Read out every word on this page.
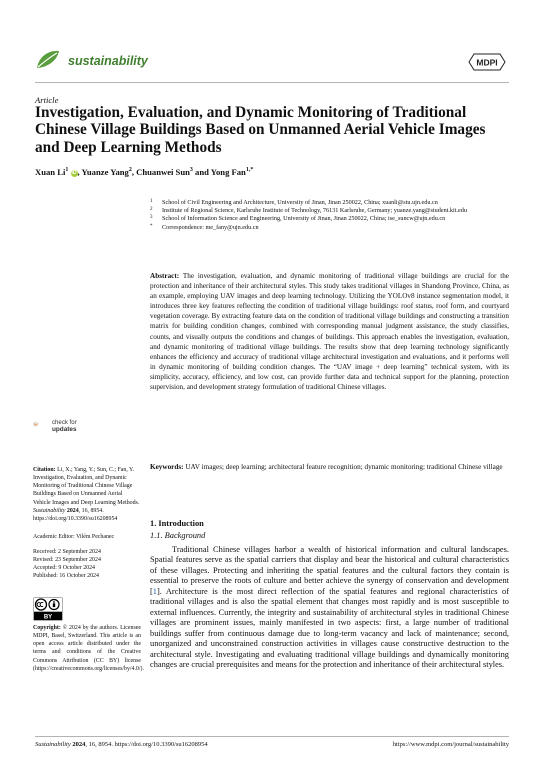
sustainability	MDPI
Article
Investigation, Evaluation, and Dynamic Monitoring of Traditional Chinese Village Buildings Based on Unmanned Aerial Vehicle Images and Deep Learning Methods
Xuan Li$^1$ iD, Yuanze Yang$^2$, Chuanwei Sun$^3$ and Yong Fan$^{1,*}$
1 School of Civil Engineering and Architecture, University of Jinan, Jinan 250022, China; xuanli@stu.ujn.edu.cn
2 Institute of Regional Science, Karlsruhe Institute of Technology, 76131 Karlsruhe, Germany; yuanze.yang@student.kit.edu
3 School of Information Science and Engineering, University of Jinan, Jinan 250022, China; ise_suncw@ujn.edu.cn
* Correspondence: me_fany@ujn.edu.cn
Abstract: The investigation, evaluation, and dynamic monitoring of traditional village buildings are crucial for the protection and inheritance of their architectural styles. This study takes traditional villages in Shandong Province, China, as an example, employing UAV images and deep learning technology. Utilizing the YOLOv8 instance segmentation model, it introduces three key features reflecting the condition of traditional village buildings: roof status, roof form, and courtyard vegetation coverage. By extracting feature data on the condition of traditional village buildings and constructing a transition matrix for building condition changes, combined with corresponding manual judgment assistance, the study classifies, counts, and visually outputs the conditions and changes of buildings. This approach enables the investigation, evaluation, and dynamic monitoring of traditional village buildings. The results show that deep learning technology significantly enhances the efficiency and accuracy of traditional village architectural investigation and evaluations, and it performs well in dynamic monitoring of building condition changes. The “UAV image + deep learning” technical system, with its simplicity, accuracy, efficiency, and low cost, can provide further data and technical support for the planning, protection supervision, and development strategy formulation of traditional Chinese villages.
Keywords: UAV images; deep learning; architectural feature recognition; dynamic monitoring; traditional Chinese village
check for
updates
Citation: Li, X.; Yang, Y.; Sun, C.; Fan, Y. Investigation, Evaluation, and Dynamic Monitoring of Traditional Chinese Village Buildings Based on Unmanned Aerial Vehicle Images and Deep Learning Methods. Sustainability 2024, 16, 8954. https://doi.org/10.3390/su16208954
Academic Editor: Vilém Pechanec
Received: 2 September 2024
Revised: 23 September 2024
Accepted: 9 October 2024
Published: 16 October 2024
BY
Copyright: © 2024 by the authors. Licensee MDPI, Basel, Switzerland. This article is an open access article distributed under the terms and conditions of the Creative Commons Attribution (CC BY) license (https://creativecommons.org/licenses/by/4.0/).
1. Introduction
1.1. Background
Traditional Chinese villages harbor a wealth of historical information and cultural landscapes. Spatial features serve as the spatial carriers that display and bear the historical and cultural characteristics of these villages. Protecting and inheriting the spatial features and the cultural factors they contain is essential to preserve the roots of culture and better achieve the synergy of conservation and development [1]. Architecture is the most direct reflection of the spatial features and regional characteristics of traditional villages and is also the spatial element that changes most rapidly and is most susceptible to external influences. Currently, the integrity and sustainability of architectural styles in traditional Chinese villages are prominent issues, mainly manifested in two aspects: first, a large number of traditional buildings suffer from continuous damage due to long-term vacancy and lack of maintenance; second, unorganized and unconstrained construction activities in villages cause constructive destruction to the architectural style. Investigating and evaluating traditional village buildings and dynamically monitoring changes are crucial prerequisites and means for the protection and inheritance of their architectural styles.
Sustainability 2024, 16, 8954. https://doi.org/10.3390/su16208954	https://www.mdpi.com/journal/sustainability
